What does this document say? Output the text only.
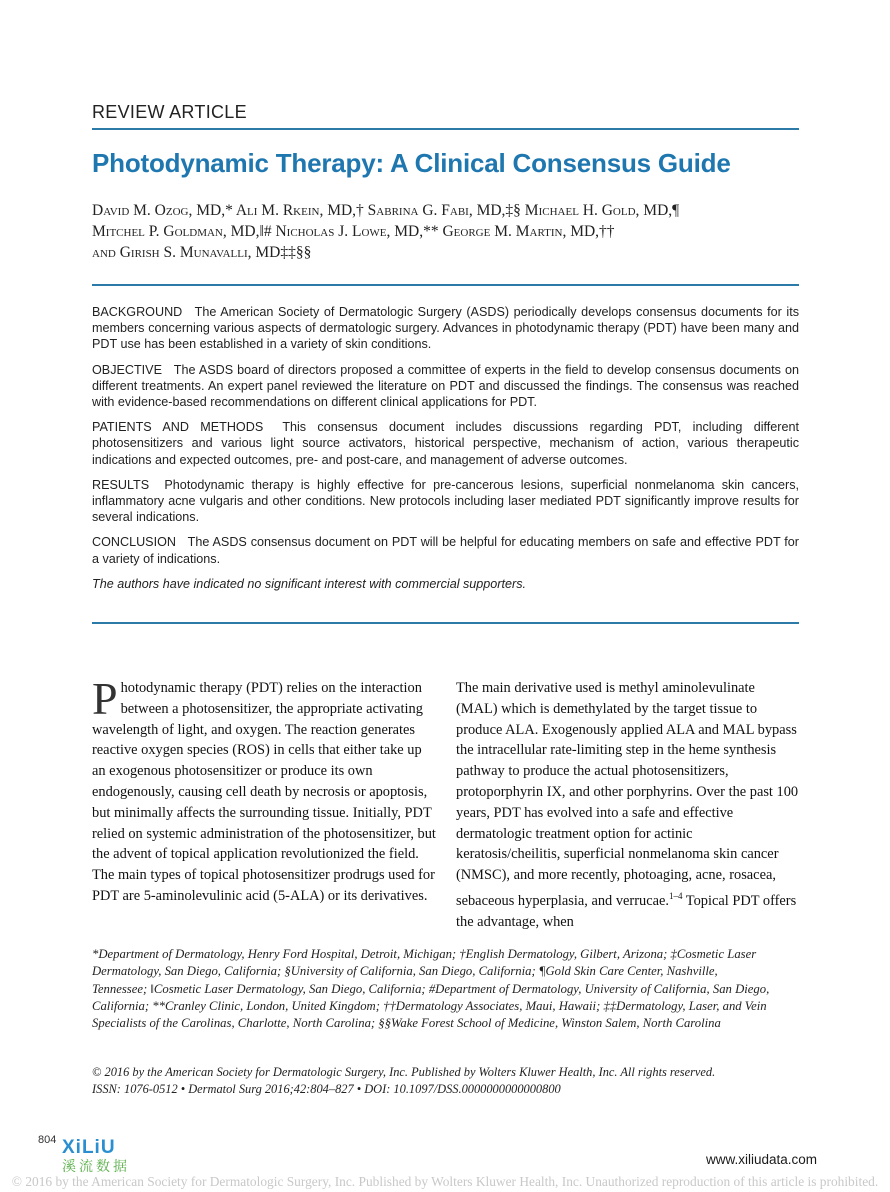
REVIEW ARTICLE
Photodynamic Therapy: A Clinical Consensus Guide
David M. Ozog, MD,* Ali M. Rkein, MD,† Sabrina G. Fabi, MD,‡§ Michael H. Gold, MD,¶
Mitchel P. Goldman, MD,‖# Nicholas J. Lowe, MD,** George M. Martin, MD,††
and Girish S. Munavalli, MD‡‡§§

BACKGROUND The American Society of Dermatologic Surgery (ASDS) periodically develops consensus documents for its members concerning various aspects of dermatologic surgery. Advances in photodynamic therapy (PDT) have been many and PDT use has been established in a variety of skin conditions.

OBJECTIVE The ASDS board of directors proposed a committee of experts in the field to develop consensus documents on different treatments. An expert panel reviewed the literature on PDT and discussed the findings. The consensus was reached with evidence-based recommendations on different clinical applications for PDT.

PATIENTS AND METHODS This consensus document includes discussions regarding PDT, including different photosensitizers and various light source activators, historical perspective, mechanism of action, various therapeutic indications and expected outcomes, pre- and post-care, and management of adverse outcomes.

RESULTS Photodynamic therapy is highly effective for pre-cancerous lesions, superficial nonmelanoma skin cancers, inflammatory acne vulgaris and other conditions. New protocols including laser mediated PDT significantly improve results for several indications.

CONCLUSION The ASDS consensus document on PDT will be helpful for educating members on safe and effective PDT for a variety of indications.

The authors have indicated no significant interest with commercial supporters.

Photodynamic therapy (PDT) relies on the interaction between a photosensitizer, the appropriate activating wavelength of light, and oxygen. The reaction generates reactive oxygen species (ROS) in cells that either take up an exogenous photosensitizer or produce its own endogenously, causing cell death by necrosis or apoptosis, but minimally affects the surrounding tissue. Initially, PDT relied on systemic administration of the photosensitizer, but the advent of topical application revolutionized the field. The main types of topical photosensitizer prodrugs used for PDT are 5-aminolevulinic acid (5-ALA) or its derivatives.

The main derivative used is methyl aminolevulinate (MAL) which is demethylated by the target tissue to produce ALA. Exogenously applied ALA and MAL bypass the intracellular rate-limiting step in the heme synthesis pathway to produce the actual photosensitizers, protoporphyrin IX, and other porphyrins. Over the past 100 years, PDT has evolved into a safe and effective dermatologic treatment option for actinic keratosis/cheilitis, superficial nonmelanoma skin cancer (NMSC), and more recently, photoaging, acne, rosacea, sebaceous hyperplasia, and verrucae.$^{1-4}$ Topical PDT offers the advantage, when

*Department of Dermatology, Henry Ford Hospital, Detroit, Michigan; †English Dermatology, Gilbert, Arizona; ‡Cosmetic Laser Dermatology, San Diego, California; §University of California, San Diego, California; ¶Gold Skin Care Center, Nashville, Tennessee; ‖Cosmetic Laser Dermatology, San Diego, California; #Department of Dermatology, University of California, San Diego, California; **Cranley Clinic, London, United Kingdom; ††Dermatology Associates, Maui, Hawaii; ‡‡Dermatology, Laser, and Vein Specialists of the Carolinas, Charlotte, North Carolina; §§Wake Forest School of Medicine, Winston Salem, North Carolina
© 2016 by the American Society for Dermatologic Surgery, Inc. Published by Wolters Kluwer Health, Inc. All rights reserved.
ISSN: 1076-0512 • Dermatol Surg 2016;42:804–827 • DOI: 10.1097/DSS.0000000000000800
804 XiLiU
溪流数据	www.xiliudata.com
© 2016 by the American Society for Dermatologic Surgery, Inc. Published by Wolters Kluwer Health, Inc. Unauthorized reproduction of this article is prohibited.
